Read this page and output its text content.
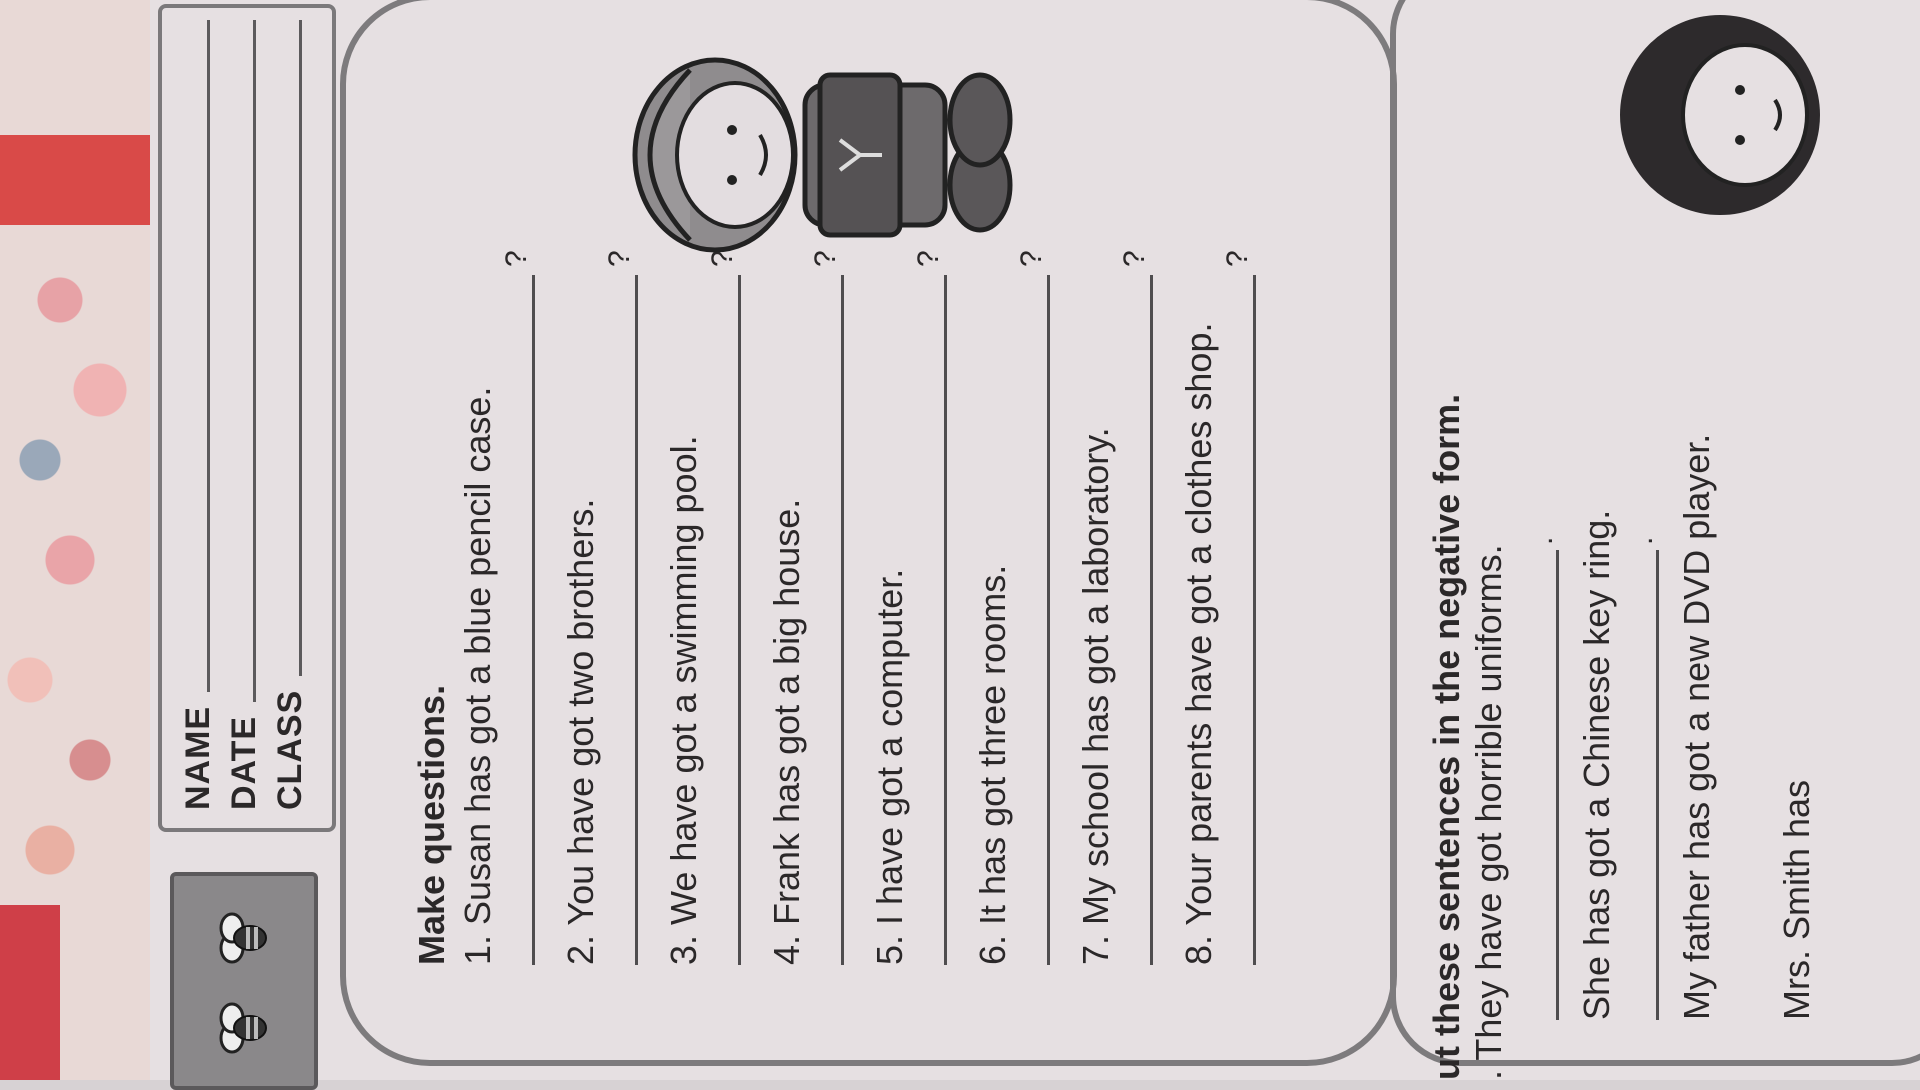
NAME DATE CLASS	Make questions. 1. Susan has got a blue pencil case.
?
2. You have got two brothers.
?
3. We have got a swimming pool.
?
4. Frank has got a big house.
?
5. I have got a computer.
?
6. It has got three rooms.
?
7. My school has got a laboratory.
?
8. Your parents have got a clothes shop.
?
ut these sentences in the negative form. . They have got horrible uniforms.
. She has got a Chinese key ring. . My father has got a new DVD player. Mrs. Smith has
